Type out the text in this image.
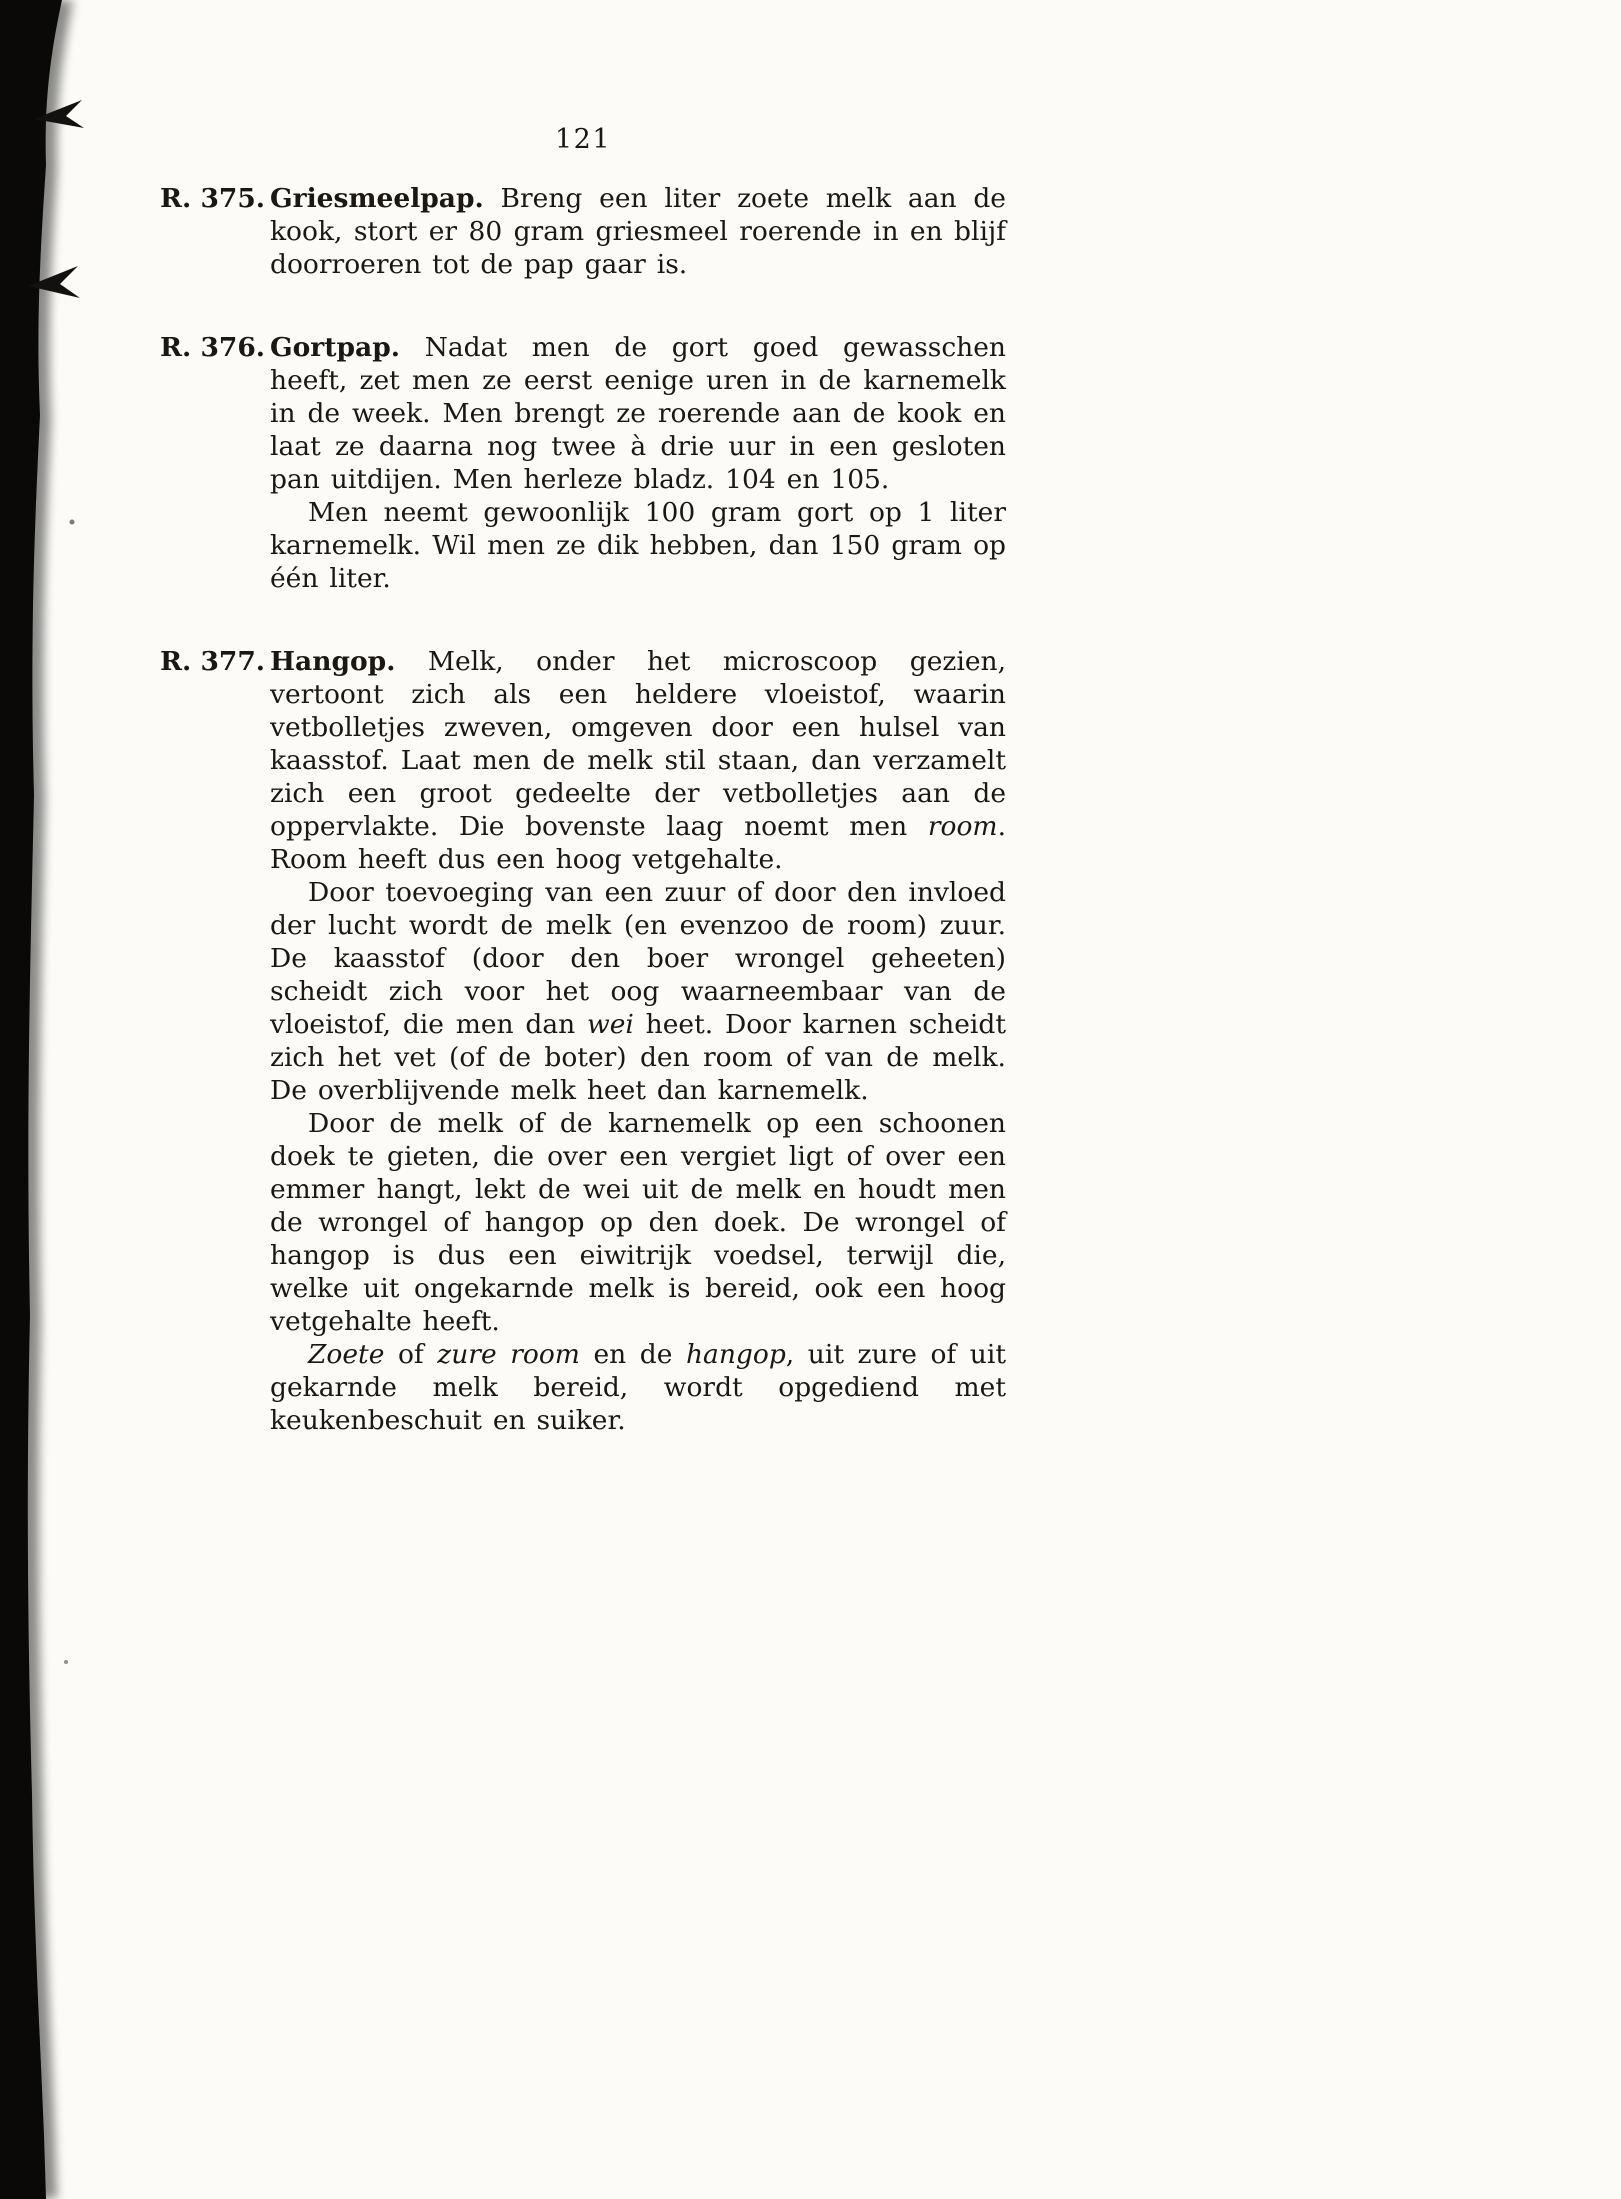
121
R. 375. Griesmeelpap. Breng een liter zoete melk aan de kook, stort er 80 gram griesmeel roerende in en blijf doorroeren tot de pap gaar is.

R. 376. Gortpap. Nadat men de gort goed gewasschen heeft, zet men ze eerst eenige uren in de karnemelk in de week. Men brengt ze roerende aan de kook en laat ze daarna nog twee à drie uur in een gesloten pan uitdijen. Men herleze bladz. 104 en 105.

Men neemt gewoonlijk 100 gram gort op 1 liter karnemelk. Wil men ze dik hebben, dan 150 gram op één liter.

R. 377. Hangop. Melk, onder het microscoop gezien, vertoont zich als een heldere vloeistof, waarin vetbolletjes zweven, omgeven door een hulsel van kaasstof. Laat men de melk stil staan, dan verzamelt zich een groot gedeelte der vetbolletjes aan de oppervlakte. Die bovenste laag noemt men room. Room heeft dus een hoog vetgehalte.

Door toevoeging van een zuur of door den invloed der lucht wordt de melk (en evenzoo de room) zuur. De kaasstof (door den boer wrongel geheeten) scheidt zich voor het oog waarneembaar van de vloeistof, die men dan wei heet. Door karnen scheidt zich het vet (of de boter) den room of van de melk. De overblijvende melk heet dan karnemelk.

Door de melk of de karnemelk op een schoonen doek te gieten, die over een vergiet ligt of over een emmer hangt, lekt de wei uit de melk en houdt men de wrongel of hangop op den doek. De wrongel of hangop is dus een eiwitrijk voedsel, terwijl die, welke uit ongekarnde melk is bereid, ook een hoog vetgehalte heeft.

Zoete of zure room en de hangop, uit zure of uit gekarnde melk bereid, wordt opgediend met keukenbeschuit en suiker.
